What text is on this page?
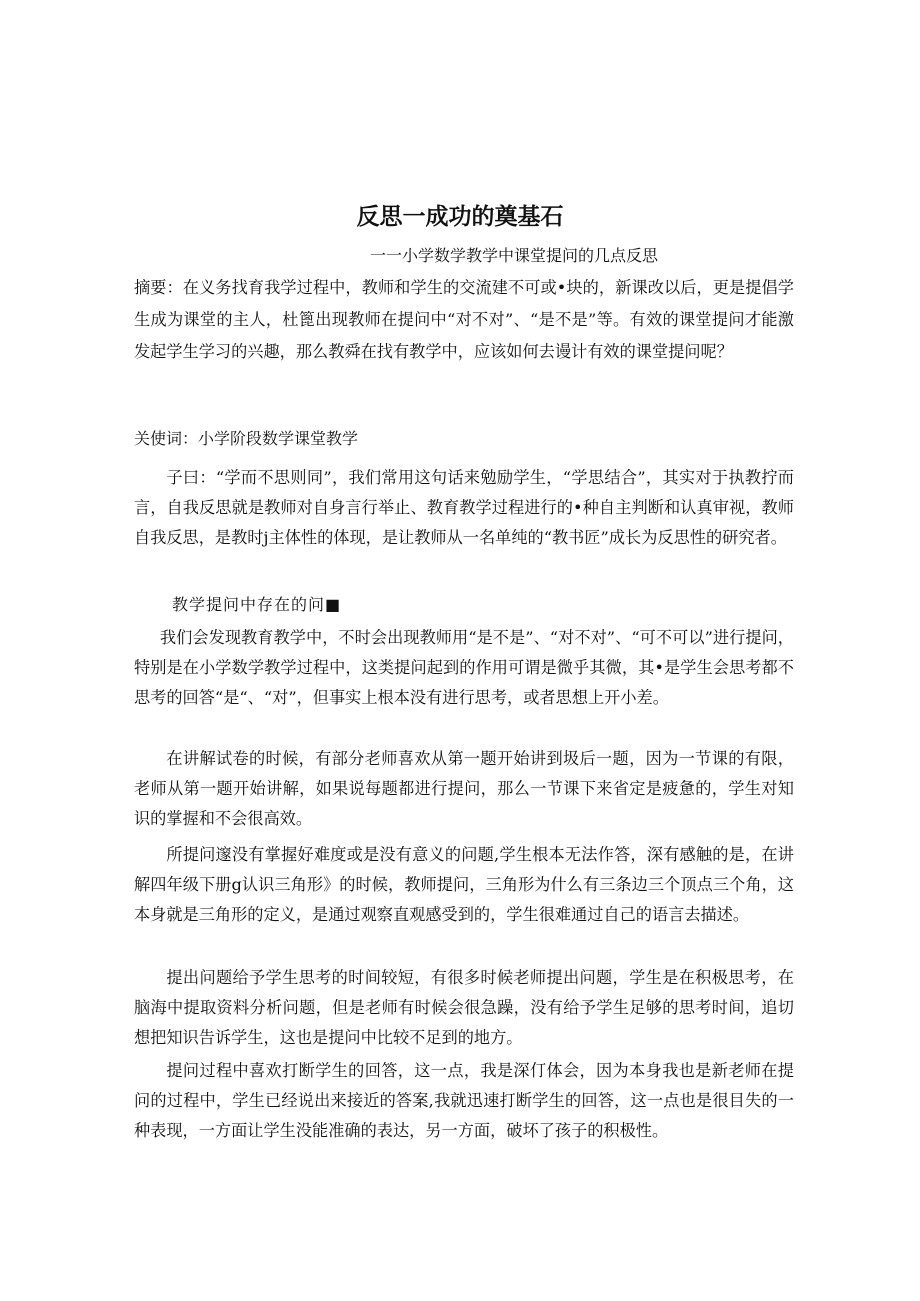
反思一成功的奠基石
一一小学数学教学中课堂提问的几点反思
摘要：在义务找育我学过程中，教师和学生的交流建不可或•块的，新课改以后，更是提倡学生成为课堂的主人，杜篦出现教师在提问中“对不对”、“是不是”等。有效的课堂提问才能激发起学生学习的兴趣，那么教舜在找有教学中，应该如何去谩计有效的课堂提问呢？
关使词：小学阶段数学课堂教学
子曰：“学而不思则同”，我们常用这句话来勉励学生，“学思结合”，其实对于执教拧而言，自我反思就是教师对自身言行举止、教育教学过程进行的•种自主判断和认真审视，教师自我反思，是教时j主体性的体现，是让教师从一名单纯的“教书匠”成长为反思性的研究者。
教学提问中存在的问■
我们会发现教育教学中，不时会出现教师用“是不是”、“对不对”、“可不可以”进行提问，特别是在小学数学教学过程中，这类提问起到的作用可谓是微乎其微，其•是学生会思考都不思考的回答“是“、“对”，但事实上根本没有进行思考，或者思想上开小差。
在讲解试卷的时候，有部分老师喜欢从第一题开始讲到圾后一题，因为一节课的有限，老师从第一题开始讲解，如果说每题都进行提问，那么一节课下来省定是疲惫的，学生对知识的掌握和不会很高效。
所提问邃没有掌握好难度或是没有意义的问题,学生根本无法作答，深有感触的是，在讲解四年级下册g认识三角形》的时候，教师提问，三角形为什么有三条边三个顶点三个角，这本身就是三角形的定义，是通过观察直观感受到的，学生很难通过自己的语言去描述。
提出问题给予学生思考的时间较短，有很多时候老师提出问题，学生是在积极思考，在脑海中提取资料分析问题，但是老师有时候会很急躁，没有给予学生足够的思考时间，追切想把知识告诉学生，这也是提问中比较不足到的地方。
提问过程中喜欢打断学生的回答，这一点，我是深仃体会，因为本身我也是新老师在提问的过程中，学生已经说出来接近的答案,我就迅速打断学生的回答，这一点也是很目失的一种表现，一方面让学生没能准确的表达，另一方面，破坏了孩子的积极性。
